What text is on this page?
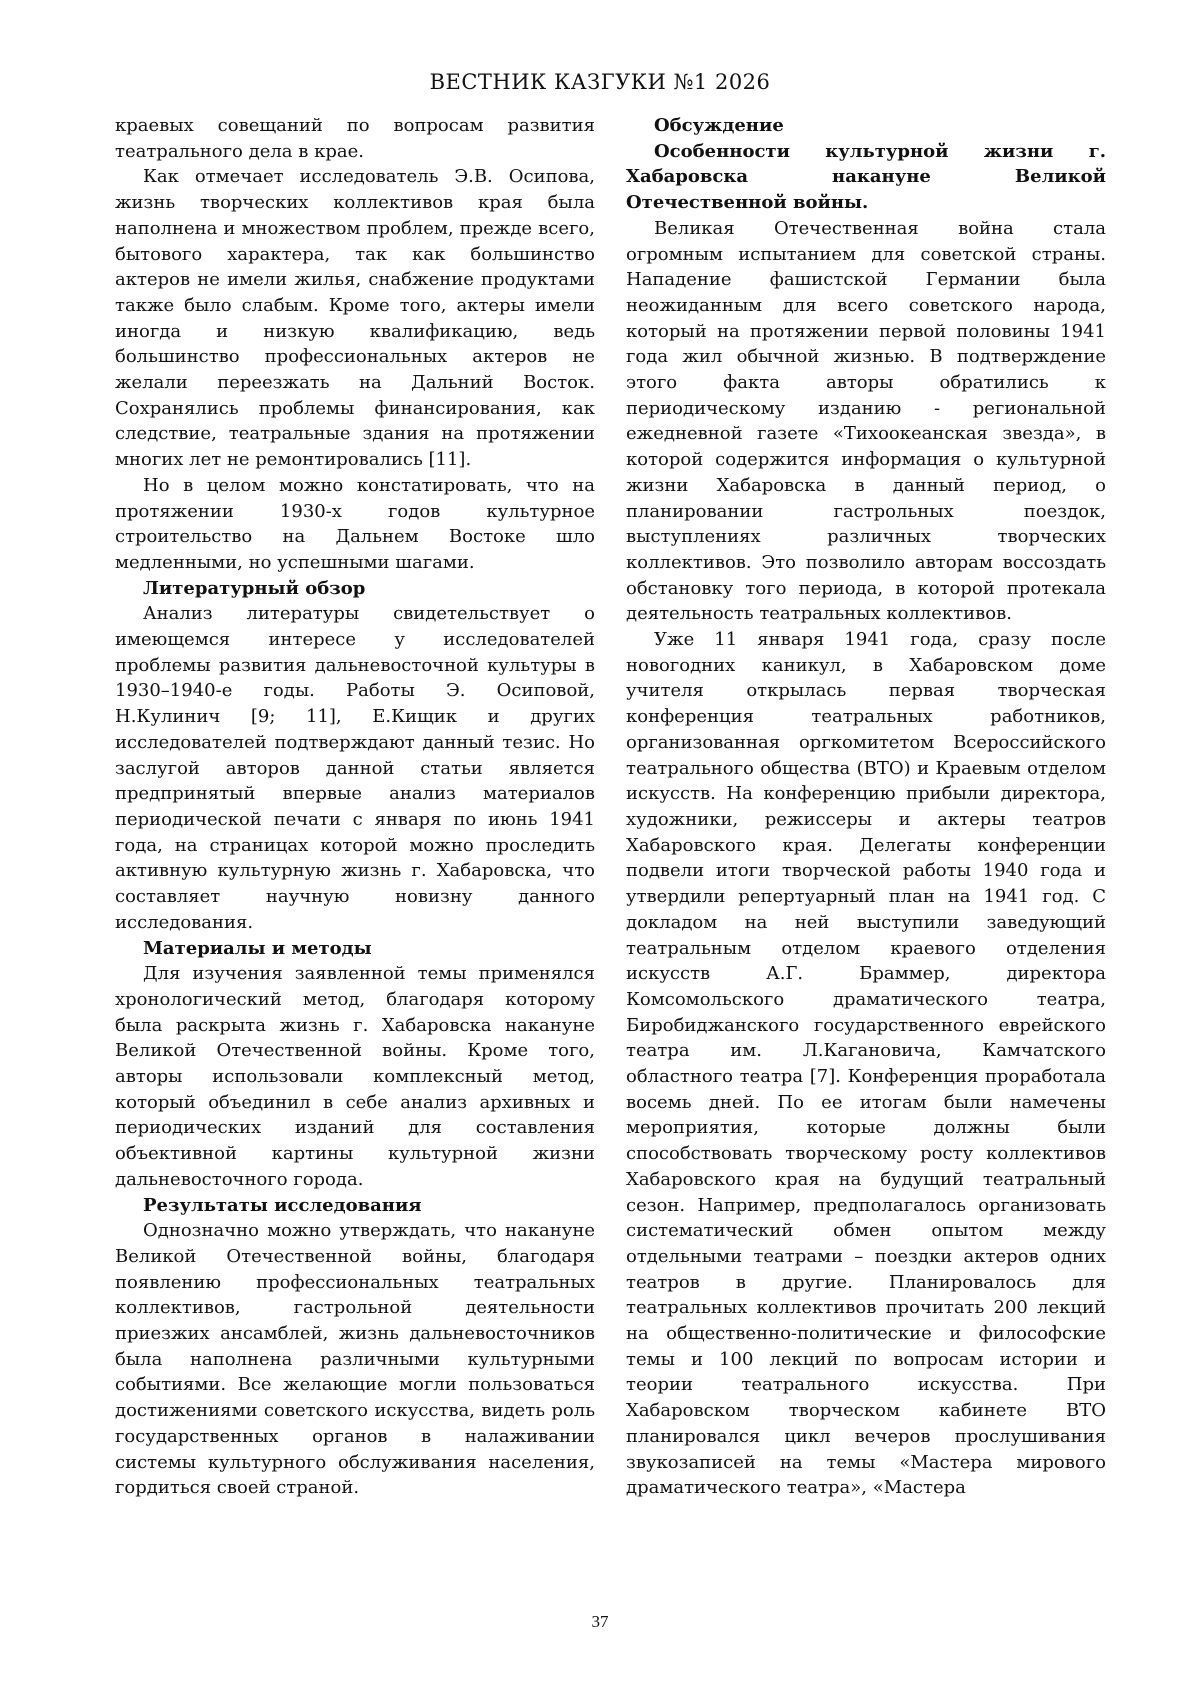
ВЕСТНИК КАЗГУКИ №1 2026

краевых совещаний по вопросам развития театрального дела в крае.

Как отмечает исследователь Э.В. Осипова, жизнь творческих коллективов края была наполнена и множеством проблем, прежде всего, бытового характера, так как большинство актеров не имели жилья, снабжение продуктами также было слабым. Кроме того, актеры имели иногда и низкую квалификацию, ведь большинство профессиональных актеров не желали переезжать на Дальний Восток. Сохранялись проблемы финансирования, как следствие, театральные здания на протяжении многих лет не ремонтировались [11].

Но в целом можно констатировать, что на протяжении 1930-х годов культурное строительство на Дальнем Востоке шло медленными, но успешными шагами.

Литературный обзор

Анализ литературы свидетельствует о имеющемся интересе у исследователей проблемы развития дальневосточной культуры в 1930–1940-е годы. Работы Э. Осиповой, Н.Кулинич [9; 11], Е.Кищик и других исследователей подтверждают данный тезис. Но заслугой авторов данной статьи является предпринятый впервые анализ материалов периодической печати с января по июнь 1941 года, на страницах которой можно проследить активную культурную жизнь г. Хабаровска, что составляет научную новизну данного исследования.

Материалы и методы

Для изучения заявленной темы применялся хронологический метод, благодаря которому была раскрыта жизнь г. Хабаровска накануне Великой Отечественной войны. Кроме того, авторы использовали комплексный метод, который объединил в себе анализ архивных и периодических изданий для составления объективной картины культурной жизни дальневосточного города.

Результаты исследования

Однозначно можно утверждать, что накануне Великой Отечественной войны, благодаря появлению профессиональных театральных коллективов, гастрольной деятельности приезжих ансамблей, жизнь дальневосточников была наполнена различными культурными событиями. Все желающие могли пользоваться достижениями советского искусства, видеть роль государственных органов в налаживании системы культурного обслуживания населения, гордиться своей страной.

Обсуждение
Особенности культурной жизни г. Хабаровска накануне Великой Отечественной войны.

Великая Отечественная война стала огромным испытанием для советской страны. Нападение фашистской Германии была неожиданным для всего советского народа, который на протяжении первой половины 1941 года жил обычной жизнью. В подтверждение этого факта авторы обратились к периодическому изданию - региональной ежедневной газете «Тихоокеанская звезда», в которой содержится информация о культурной жизни Хабаровска в данный период, о планировании гастрольных поездок, выступлениях различных творческих коллективов. Это позволило авторам воссоздать обстановку того периода, в которой протекала деятельность театральных коллективов.

Уже 11 января 1941 года, сразу после новогодних каникул, в Хабаровском доме учителя открылась первая творческая конференция театральных работников, организованная оргкомитетом Всероссийского театрального общества (ВТО) и Краевым отделом искусств. На конференцию прибыли директора, художники, режиссеры и актеры театров Хабаровского края. Делегаты конференции подвели итоги творческой работы 1940 года и утвердили репертуарный план на 1941 год. С докладом на ней выступили заведующий театральным отделом краевого отделения искусств А.Г. Браммер, директора Комсомольского драматического театра, Биробиджанского государственного еврейского театра им. Л.Кагановича, Камчатского областного театра [7]. Конференция проработала восемь дней. По ее итогам были намечены мероприятия, которые должны были способствовать творческому росту коллективов Хабаровского края на будущий театральный сезон. Например, предполагалось организовать систематический обмен опытом между отдельными театрами – поездки актеров одних театров в другие. Планировалось для театральных коллективов прочитать 200 лекций на общественно-политические и философские темы и 100 лекций по вопросам истории и теории театрального искусства. При Хабаровском творческом кабинете ВТО планировался цикл вечеров прослушивания звукозаписей на темы «Мастера мирового драматического театра», «Мастера

37
